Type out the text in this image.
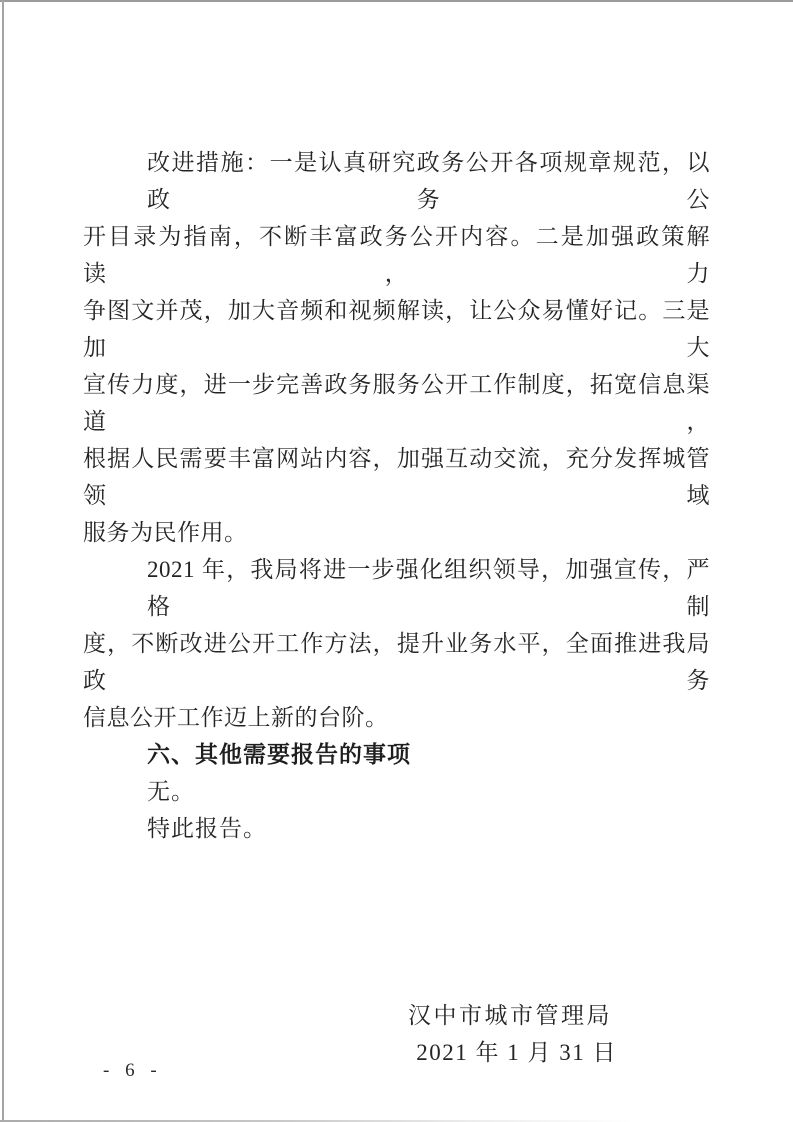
改进措施：一是认真研究政务公开各项规章规范，以政务公
开目录为指南，不断丰富政务公开内容。二是加强政策解读，力
争图文并茂，加大音频和视频解读，让公众易懂好记。三是加大
宣传力度，进一步完善政务服务公开工作制度，拓宽信息渠道，
根据人民需要丰富网站内容，加强互动交流，充分发挥城管领域
服务为民作用。
2021 年，我局将进一步强化组织领导，加强宣传，严格制
度，不断改进公开工作方法，提升业务水平，全面推进我局政务
信息公开工作迈上新的台阶。
六、其他需要报告的事项
无。
特此报告。
汉中市城市管理局
2021 年 1 月 31 日
- 6 -
